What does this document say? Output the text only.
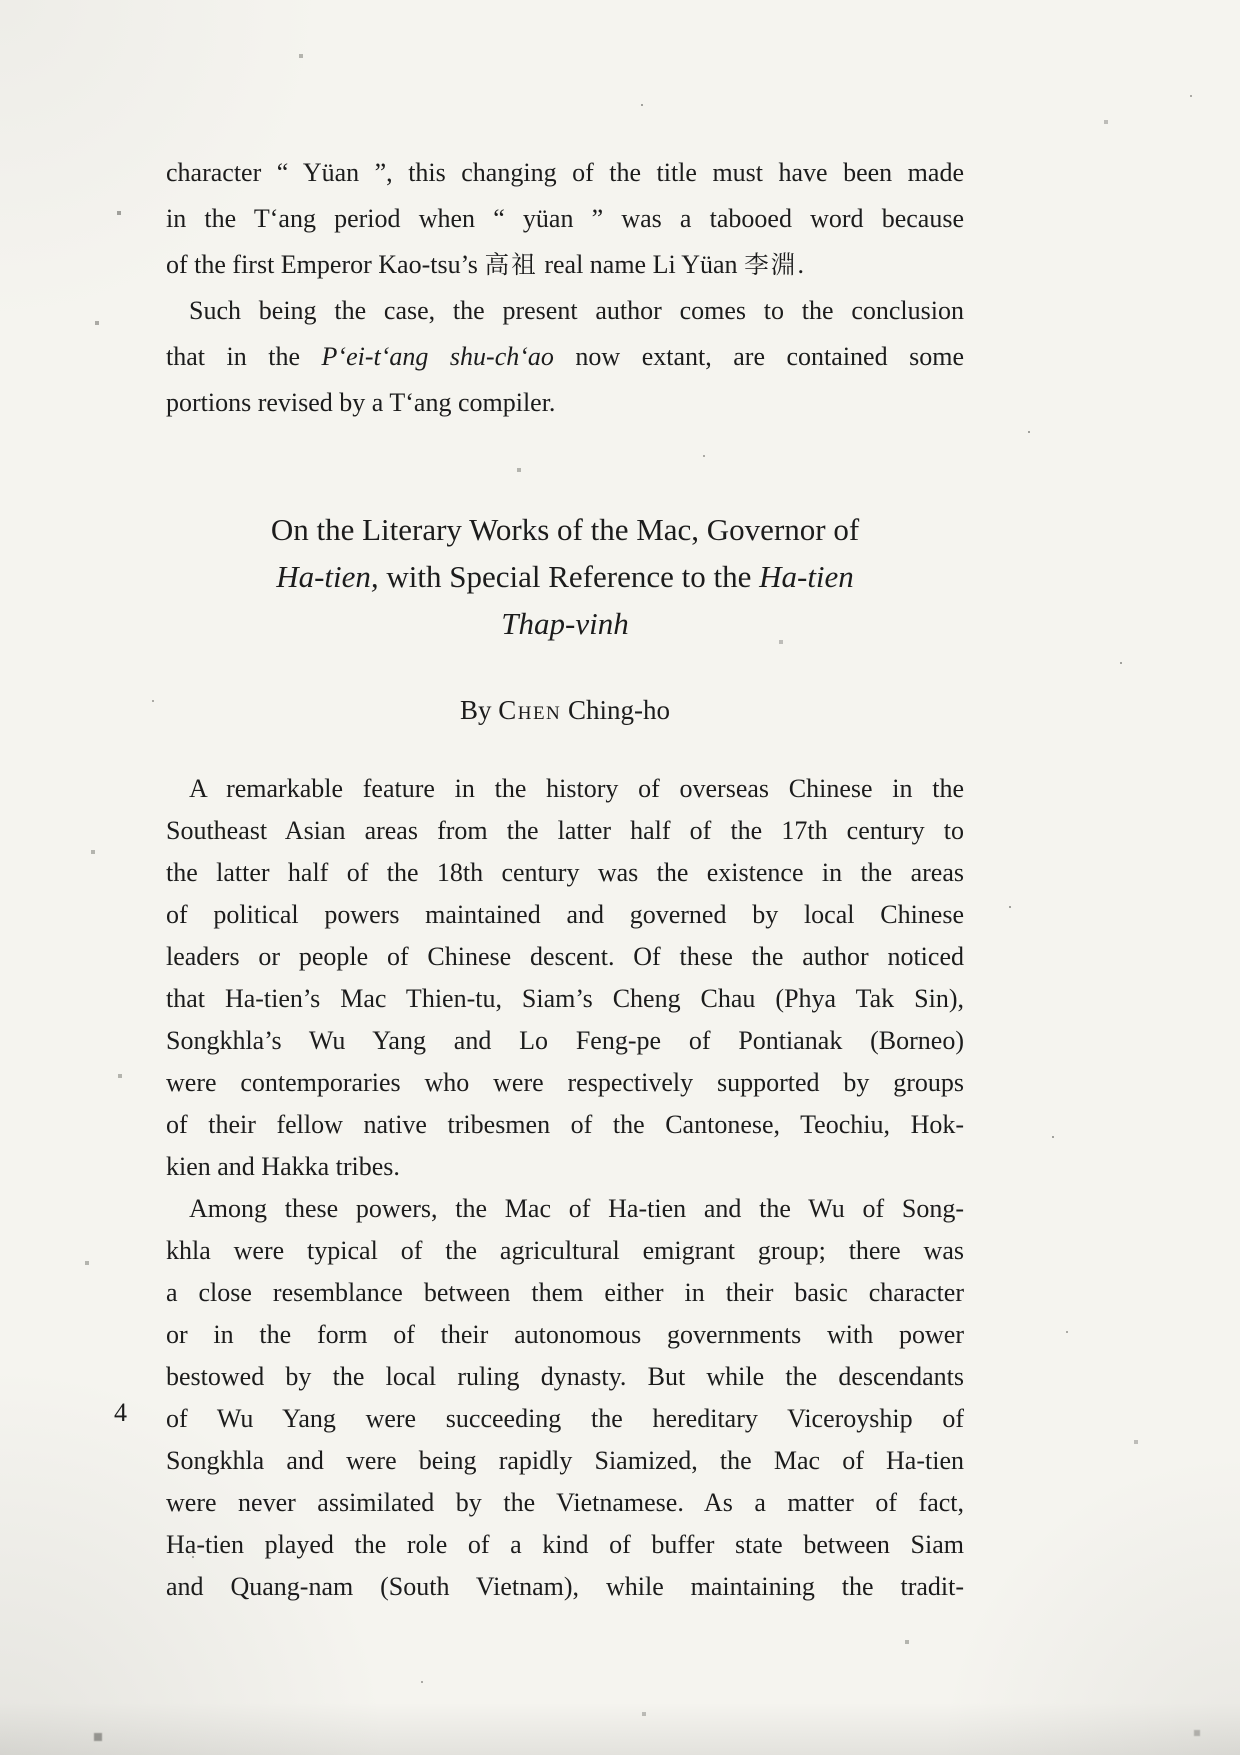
character “ Yüan ”, this changing of the title must have been made
in the T‘ang period when “ yüan ” was a tabooed word because
of the first Emperor Kao-tsu’s 高祖 real name Li Yüan 李淵.
Such being the case, the present author comes to the conclusion
that in the P‘ei-t‘ang shu-ch‘ao now extant, are contained some
portions revised by a T‘ang compiler.
On the Literary Works of the Mac, Governor of
Ha-tien, with Special Reference to the Ha-tien
Thap-vinh
By Chen Ching-ho
A remarkable feature in the history of overseas Chinese in the
Southeast Asian areas from the latter half of the 17th century to
the latter half of the 18th century was the existence in the areas
of political powers maintained and governed by local Chinese
leaders or people of Chinese descent. Of these the author noticed
that Ha-tien’s Mac Thien-tu, Siam’s Cheng Chau (Phya Tak Sin),
Songkhla’s Wu Yang and Lo Feng-pe of Pontianak (Borneo)
were contemporaries who were respectively supported by groups
of their fellow native tribesmen of the Cantonese, Teochiu, Hok-
kien and Hakka tribes.
Among these powers, the Mac of Ha-tien and the Wu of Song-
khla were typical of the agricultural emigrant group; there was
a close resemblance between them either in their basic character
or in the form of their autonomous governments with power
bestowed by the local ruling dynasty. But while the descendants
of Wu Yang were succeeding the hereditary Viceroyship of
Songkhla and were being rapidly Siamized, the Mac of Ha-tien
were never assimilated by the Vietnamese. As a matter of fact,
Ha-tien played the role of a kind of buffer state between Siam
and Quang-nam (South Vietnam), while maintaining the tradit-
4
